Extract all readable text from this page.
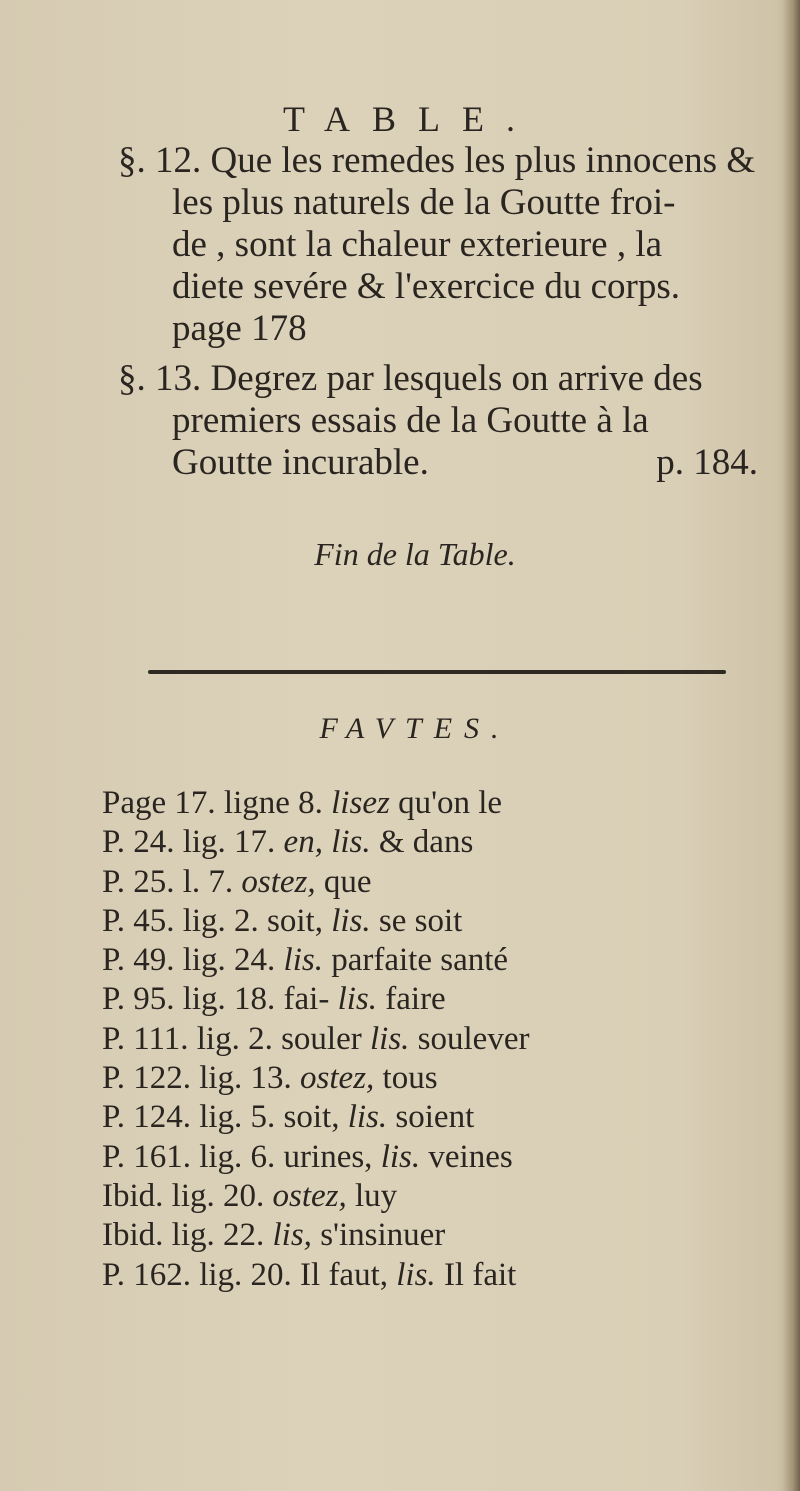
TABLE.
§. 12. Que les remedes les plus innocens &
les plus naturels de la Goutte froi-
de , sont la chaleur exterieure , la
diete sevére & l'exercice du corps.
page 178
§. 13. Degrez par lesquels on arrive des
premiers essais de la Goutte à la
Goutte incurable.	p. 184.
Fin de la Table.
FAVTES.
Page 17. ligne 8. lisez qu'on le
P. 24. lig. 17. en, lis. & dans
P. 25. l. 7. ostez, que
P. 45. lig. 2. soit, lis. se soit
P. 49. lig. 24. lis. parfaite santé
P. 95. lig. 18. fai- lis. faire
P. 111. lig. 2. souler lis. soulever
P. 122. lig. 13. ostez, tous
P. 124. lig. 5. soit, lis. soient
P. 161. lig. 6. urines, lis. veines
Ibid. lig. 20. ostez, luy
Ibid. lig. 22. lis, s'insinuer
P. 162. lig. 20. Il faut, lis. Il fait
